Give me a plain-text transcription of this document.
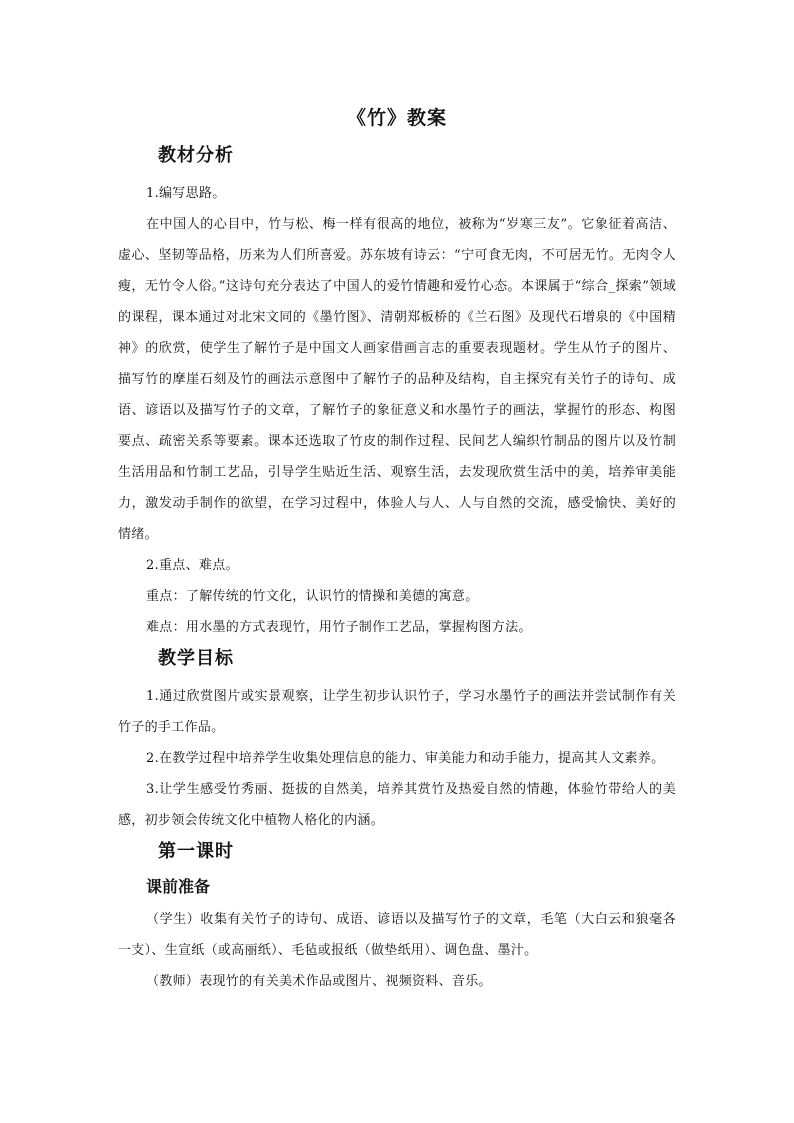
《竹》教案
教材分析

1.编写思路。

在中国人的心目中，竹与松、梅一样有很高的地位，被称为“岁寒三友”。它象征着高洁、虚心、坚韧等品格，历来为人们所喜爱。苏东坡有诗云：“宁可食无肉，不可居无竹。无肉令人瘦，无竹令人俗。”这诗句充分表达了中国人的爱竹情趣和爱竹心态。本课属于“综合_探索”领域的课程，课本通过对北宋文同的《墨竹图》、清朝郑板桥的《兰石图》及现代石增泉的《中国精神》的欣赏，使学生了解竹子是中国文人画家借画言志的重要表现题材。学生从竹子的图片、描写竹的摩崖石刻及竹的画法示意图中了解竹子的品种及结构，自主探究有关竹子的诗句、成语、谚语以及描写竹子的文章，了解竹子的象征意义和水墨竹子的画法，掌握竹的形态、构图要点、疏密关系等要素。课本还选取了竹皮的制作过程、民间艺人编织竹制品的图片以及竹制生活用品和竹制工艺品，引导学生贴近生活、观察生活，去发现欣赏生活中的美，培养审美能力，激发动手制作的欲望，在学习过程中，体验人与人、人与自然的交流，感受愉快、美好的情绪。

2.重点、难点。

重点：了解传统的竹文化，认识竹的情操和美德的寓意。

难点：用水墨的方式表现竹，用竹子制作工艺品，掌握构图方法。

教学目标

1.通过欣赏图片或实景观察，让学生初步认识竹子，学习水墨竹子的画法并尝试制作有关竹子的手工作品。

2.在教学过程中培养学生收集处理信息的能力、审美能力和动手能力，提高其人文素养。

3.让学生感受竹秀丽、挺拔的自然美，培养其赏竹及热爱自然的情趣，体验竹带给人的美感，初步领会传统文化中植物人格化的内涵。

第一课时
课前准备

（学生）收集有关竹子的诗句、成语、谚语以及描写竹子的文章，毛笔（大白云和狼毫各一支）、生宣纸（或高丽纸）、毛毡或报纸（做垫纸用）、调色盘、墨汁。

（教师）表现竹的有关美术作品或图片、视频资料、音乐。
